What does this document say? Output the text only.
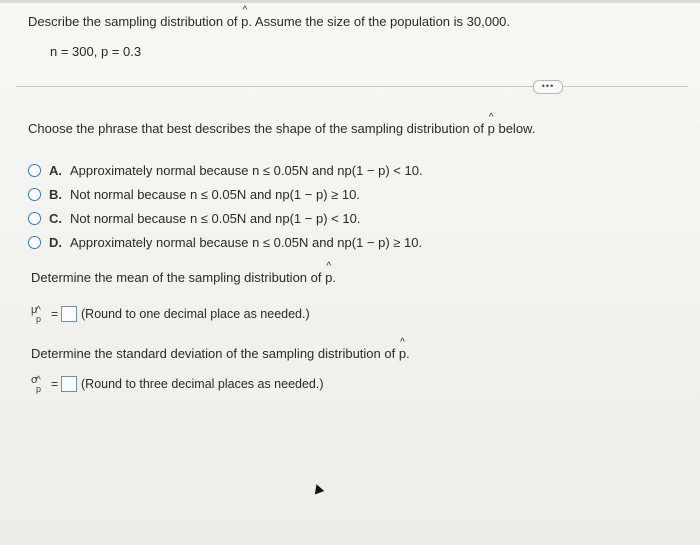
Describe the sampling distribution of ^ p. Assume the size of the population is 30,000.
n = 300, p = 0.3
•••
Choose the phrase that best describes the shape of the sampling distribution of ^ p below.
A. Approximately normal because n ≤ 0.05N and np(1 − p) < 10.
B. Not normal because n ≤ 0.05N and np(1 − p) ≥ 10.
C. Not normal because n ≤ 0.05N and np(1 − p) < 10.
D. Approximately normal because n ≤ 0.05N and np(1 − p) ≥ 10.
Determine the mean of the sampling distribution of ^ p.
μ
^ p = (Round to one decimal place as needed.)
Determine the standard deviation of the sampling distribution of ^ p.
σ
^ p = (Round to three decimal places as needed.)
